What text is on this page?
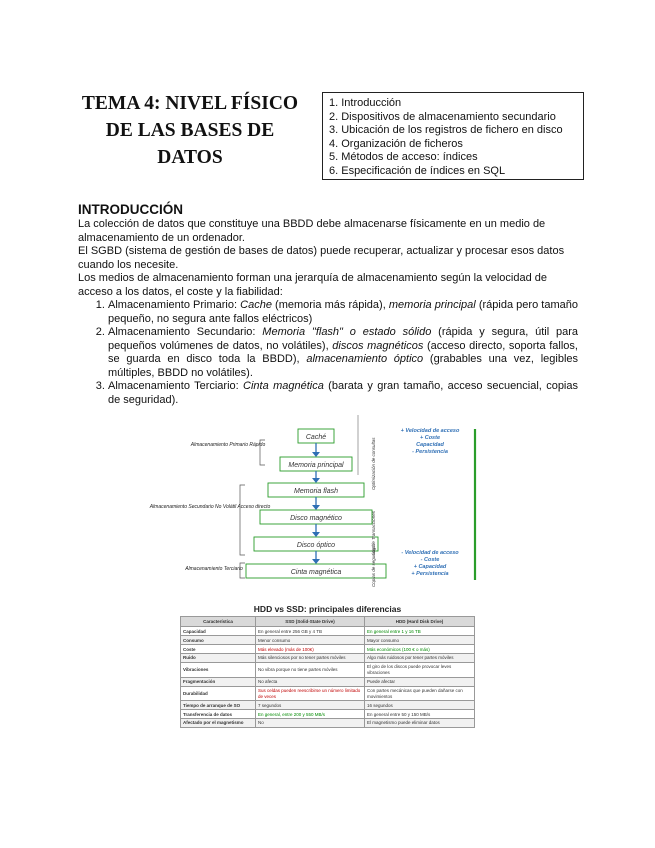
TEMA 4: NIVEL FÍSICO
DE LAS BASES DE
DATOS
1. Introducción
2. Dispositivos de almacenamiento secundario
3. Ubicación de los registros de fichero en disco
4. Organización de ficheros
5. Métodos de acceso: índices
6. Especificación de índices en SQL
INTRODUCCIÓN

La colección de datos que constituye una BBDD debe almacenarse físicamente en un medio de almacenamiento de un ordenador.

El SGBD (sistema de gestión de bases de datos) puede recuperar, actualizar y procesar esos datos cuando los necesite.

Los medios de almacenamiento forman una jerarquía de almacenamiento según la velocidad de acceso a los datos, el coste y la fiabilidad:

1. Almacenamiento Primario: Cache (memoria más rápida), memoria principal (rápida pero tamaño pequeño, no segura ante fallos eléctricos)
2. Almacenamiento Secundario: Memoria "flash" o estado sólido (rápida y segura, útil para pequeños volúmenes de datos, no volátiles), discos magnéticos (acceso directo, soporta fallos, se guarda en disco toda la BBDD), almacenamiento óptico (grabables una vez, legibles múltiples, BBDD no volátiles).
3. Almacenamiento Terciario: Cinta magnética (barata y gran tamaño, acceso secuencial, copias de seguridad).
Almacenamiento Primario Rápido
Almacenamiento Secundario No Volátil Acceso directo
Almacenamiento Terciario
Caché
Memoria principal
Memoria flash
Disco magnético
Disco óptico
Cinta magnética
Optimización de consultas
Log de Transacciones
Copias de seguridad
+ Velocidad de acceso
+ Coste
Capacidad
- Persistencia
- Velocidad de acceso
- Coste
+ Capacidad
+ Persistencia
HDD vs SSD: principales diferencias
Característica	SSD (Solid-State Drive)	HDD (Hard Disk Drive)
Capacidad	En general entre 256 GB y 4 TB	En general entre 1 y 16 TB
Consumo	Menor consumo	Mayor consumo
Coste	Más elevado (más de 100€)	Más económicos (100 € o más)
Ruido	Más silenciosos por no tener partes móviles	Algo más ruidosos por tener partes móviles
Vibraciones	No vibra porque no tiene partes móviles	El giro de los discos puede provocar leves vibraciones
Fragmentación	No afecta	Puede afectar
Durabilidad	Sus celdas pueden reescribirse un número limitado de veces	Con partes mecánicas que pueden dañarse con movimientos
Tiempo de arranque de SO	7 segundos	16 segundos
Transferencia de datos	En general, entre 200 y 550 MB/s	En general entre 50 y 150 MB/s
Afectado por el magnetismo	No	El magnetismo puede eliminar datos
